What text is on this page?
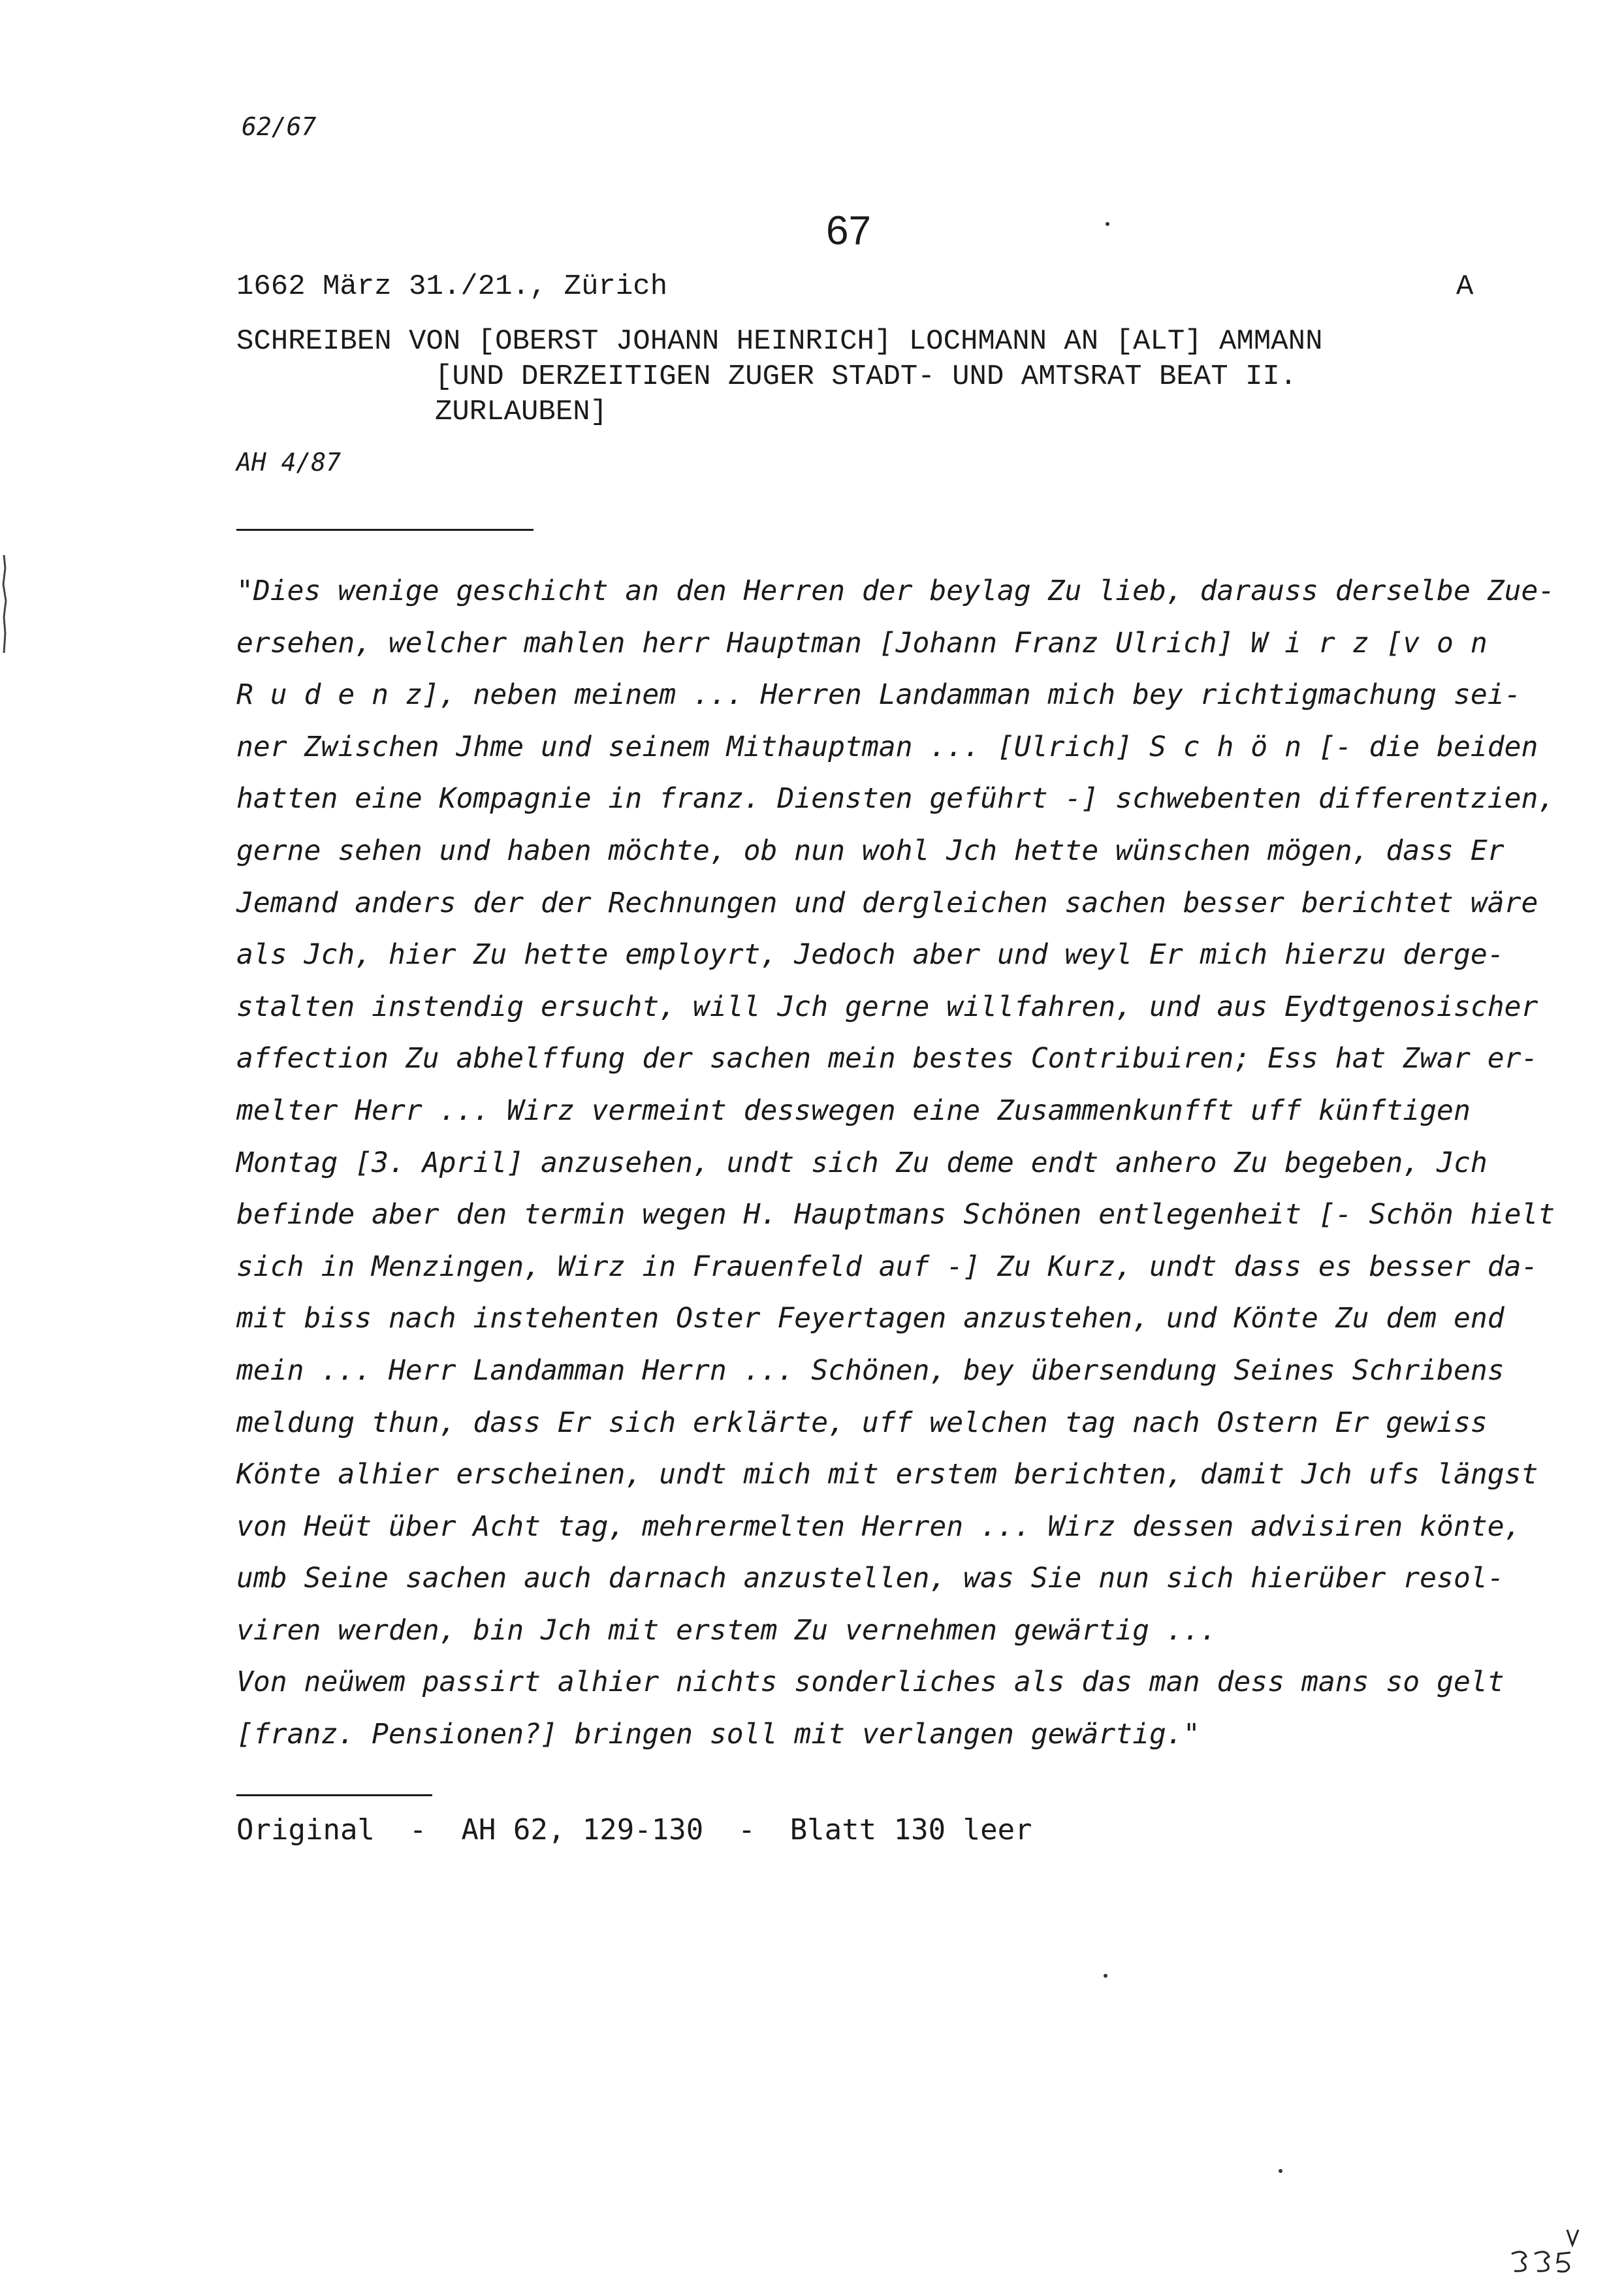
62/67
67
1662 März 31./21., Zürich	A
SCHREIBEN VON [OBERST JOHANN HEINRICH] LOCHMANN AN [ALT] AMMANN
[UND DERZEITIGEN ZUGER STADT- UND AMTSRAT BEAT II.
ZURLAUBEN]
AH 4/87
"Dies wenige geschicht an den Herren der beylag Zu lieb, darauss derselbe Zue-
ersehen, welcher mahlen herr Hauptman [Johann Franz Ulrich] W i r z [v o n
R u d e n z], neben meinem ... Herren Landamman mich bey richtigmachung sei-
ner Zwischen Jhme und seinem Mithauptman ... [Ulrich] S c h ö n [- die beiden
hatten eine Kompagnie in franz. Diensten geführt -] schwebenten differentzien,
gerne sehen und haben möchte, ob nun wohl Jch hette wünschen mögen, dass Er
Jemand anders der der Rechnungen und dergleichen sachen besser berichtet wäre
als Jch, hier Zu hette employrt, Jedoch aber und weyl Er mich hierzu derge-
stalten instendig ersucht, will Jch gerne willfahren, und aus Eydtgenosischer
affection Zu abhelffung der sachen mein bestes Contribuiren; Ess hat Zwar er-
melter Herr ... Wirz vermeint desswegen eine Zusammenkunfft uff künftigen
Montag [3. April] anzusehen, undt sich Zu deme endt anhero Zu begeben, Jch
befinde aber den termin wegen H. Hauptmans Schönen entlegenheit [- Schön hielt
sich in Menzingen, Wirz in Frauenfeld auf -] Zu Kurz, undt dass es besser da-
mit biss nach instehenten Oster Feyertagen anzustehen, und Könte Zu dem end
mein ... Herr Landamman Herrn ... Schönen, bey übersendung Seines Schribens
meldung thun, dass Er sich erklärte, uff welchen tag nach Ostern Er gewiss
Könte alhier erscheinen, undt mich mit erstem berichten, damit Jch ufs längst
von Heüt über Acht tag, mehrermelten Herren ... Wirz dessen advisiren könte,
umb Seine sachen auch darnach anzustellen, was Sie nun sich hierüber resol-
viren werden, bin Jch mit erstem Zu vernehmen gewärtig ...
Von neüwem passirt alhier nichts sonderliches als das man dess mans so gelt
[franz. Pensionen?] bringen soll mit verlangen gewärtig."
Original  -  AH 62, 129-130  -  Blatt 130 leer
